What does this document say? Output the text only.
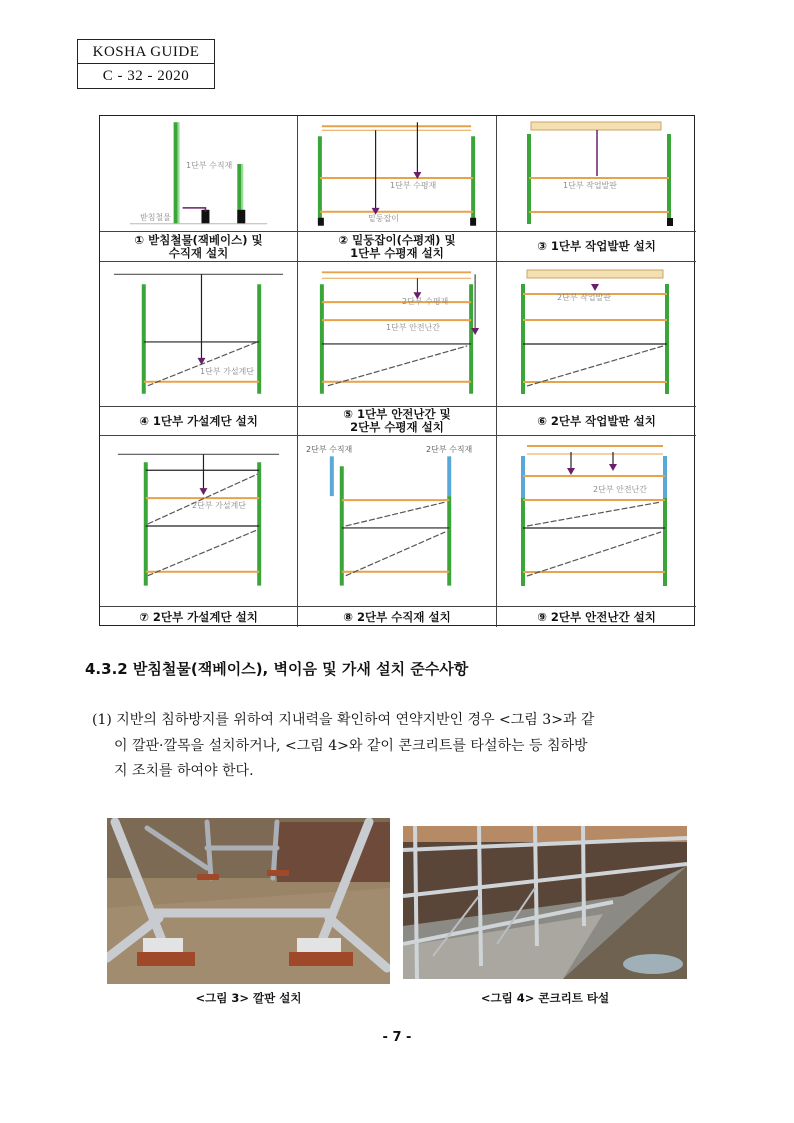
KOSHA GUIDE
C - 32 - 2020
1단부 수직재
받침철물
① 받침철물(잭베이스) 및
수직재 설치
1단부 수평재
밑둥잡이
② 밑둥잡이(수평재) 및
1단부 수평재 설치
1단부 작업발판
③ 1단부 작업발판 설치
1단부 가설계단
④ 1단부 가설계단 설치
2단부 수평재
1단부 안전난간
⑤ 1단부 안전난간 및
2단부 수평재 설치
2단부 작업발판
⑥ 2단부 작업발판 설치
2단부 가설계단
⑦ 2단부 가설계단 설치
2단부 수직재	2단부 수직재
⑧ 2단부 수직재 설치
2단부 안전난간
⑨ 2단부 안전난간 설치
4.3.2 받침철물(잭베이스), 벽이음 및 가새 설치 준수사항
(1) 지반의 침하방지를 위하여 지내력을 확인하여 연약지반인 경우 <그림 3>과 같
이 깔판·깔목을 설치하거나, <그림 4>와 같이 콘크리트를 타설하는 등 침하방
지 조치를 하여야 한다.
<그림 3> 깔판 설치	<그림 4> 콘크리트 타설
- 7 -
